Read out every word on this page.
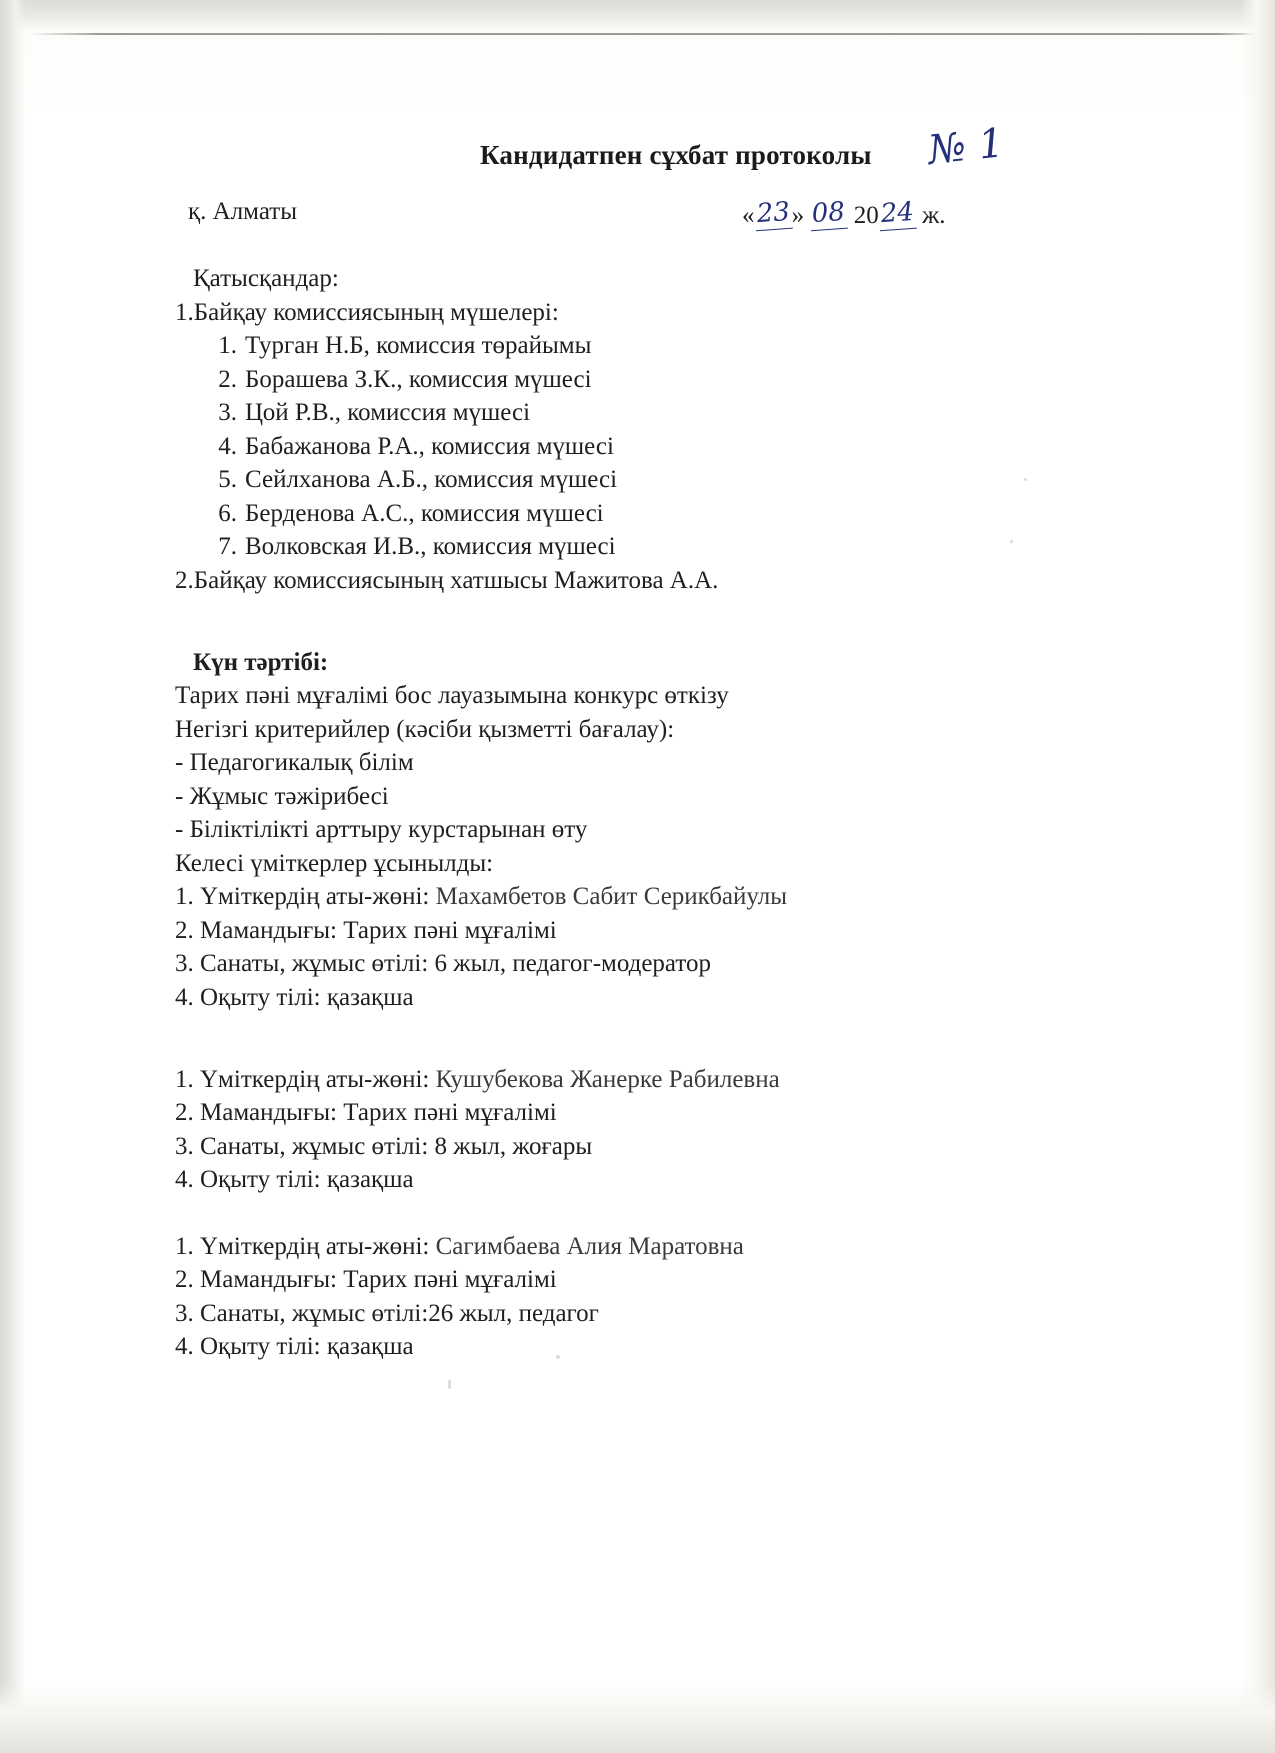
Кандидатпен сұхбат протоколы № 1
қ. Алматы	«23» 08 2024 ж.
Қатысқандар:
1.Байқау комиссиясының мүшелері:
1. Турган Н.Б, комиссия төрайымы
2. Борашева З.К., комиссия мүшесі
3. Цой Р.В., комиссия мүшесі
4. Бабажанова Р.А., комиссия мүшесі
5. Сейлханова А.Б., комиссия мүшесі
6. Берденова А.С., комиссия мүшесі
7. Волковская И.В., комиссия мүшесі
2.Байқау комиссиясының хатшысы Мажитова А.А.
Күн тәртібі:
Тарих пәні мұғалімі бос лауазымына конкурс өткізу
Негізгі критерийлер (кәсіби қызметті бағалау):
- Педагогикалық білім
- Жұмыс тәжірибесі
- Біліктілікті арттыру курстарынан өту
Келесі үміткерлер ұсынылды:
1. Үміткердің аты-жөні: Махамбетов Сабит Серикбайулы
2. Мамандығы: Тарих пәні мұғалімі
3. Санаты, жұмыс өтілі: 6 жыл, педагог-модератор
4. Оқыту тілі: қазақша
1. Үміткердің аты-жөні: Кушубекова Жанерке Рабилевна
2. Мамандығы: Тарих пәні мұғалімі
3. Санаты, жұмыс өтілі: 8 жыл, жоғары
4. Оқыту тілі: қазақша
1. Үміткердің аты-жөні: Сагимбаева Алия Маратовна
2. Мамандығы: Тарих пәні мұғалімі
3. Санаты, жұмыс өтілі:26 жыл, педагог
4. Оқыту тілі: қазақша
